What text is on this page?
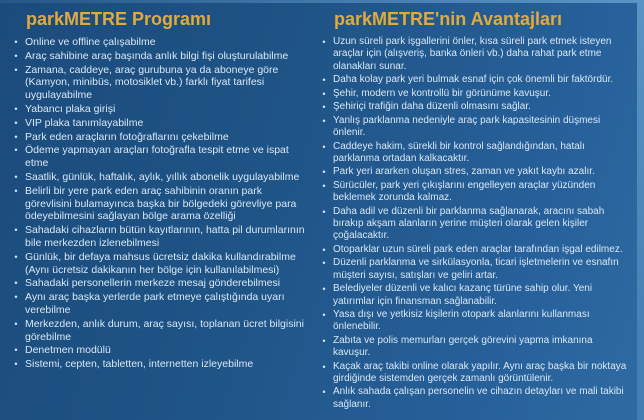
parkMETRE Programı
• Online ve offline çalışabilme
• Araç sahibine araç başında anlık bilgi fişi oluşturulabilme
• Zamana, caddeye, araç gurubuna ya da aboneye göre (Kamyon, minibüs, motosiklet vb.) farklı fiyat tarifesi uygulayabilme
• Yabancı plaka girişi
• VIP plaka tanımlayabilme
• Park eden araçların fotoğraflarını çekebilme
• Ödeme yapmayan araçları fotoğrafla tespit etme ve ispat etme
• Saatlik, günlük, haftalık, aylık, yıllık abonelik uygulayabilme
• Belirli bir yere park eden araç sahibinin oranın park görevlisini bulamayınca başka bir bölgedeki görevliye para ödeyebilmesini sağlayan bölge arama özelliği
• Sahadaki cihazların bütün kayıtlarının, hatta pil durumlarının bile merkezden izlenebilmesi
• Günlük, bir defaya mahsus ücretsiz dakika kullandırabilme (Aynı ücretsiz dakikanın her bölge için kullanılabilmesi)
• Sahadaki personellerin merkeze mesaj gönderebilmesi
• Aynı araç başka yerlerde park etmeye çalıştığında uyarı verebilme
• Merkezden, anlık durum, araç sayısı, toplanan ücret bilgisini görebilme
• Denetmen modülü
• Sistemi, cepten, tabletten, internetten izleyebilme
parkMETRE'nin Avantajları
• Uzun süreli park işgallerini önler, kısa süreli park etmek isteyen araçlar için (alışveriş, banka önleri vb.) daha rahat park etme olanakları sunar.
• Daha kolay park yeri bulmak esnaf için çok önemli bir faktördür.
• Şehir, modern ve kontrollü bir görünüme kavuşur.
• Şehiriçi trafiğin daha düzenli olmasını sağlar.
• Yanlış parklanma nedeniyle araç park kapasitesinin düşmesi önlenir.
• Caddeye hakim, sürekli bir kontrol sağlandığından, hatalı parklanma ortadan kalkacaktır.
• Park yeri ararken oluşan stres, zaman ve yakıt kaybı azalır.
• Sürücüler, park yeri çıkışlarını engelleyen araçlar yüzünden beklemek zorunda kalmaz.
• Daha adil ve düzenli bir parklanma sağlanarak, aracını sabah bırakıp akşam alanların yerine müşteri olarak gelen kişiler çoğalacaktır.
• Otoparklar uzun süreli park eden araçlar tarafından işgal edilmez.
• Düzenli parklanma ve sirkülasyonla, ticari işletmelerin ve esnafın müşteri sayısı, satışları ve geliri artar.
• Belediyeler düzenli ve kalıcı kazanç türüne sahip olur. Yeni yatırımlar için finansman sağlanabilir.
• Yasa dışı ve yetkisiz kişilerin otopark alanlarını kullanması önlenebilir.
• Zabıta ve polis memurları gerçek görevini yapma imkanına kavuşur.
• Kaçak araç takibi online olarak yapılır. Aynı araç başka bir noktaya girdiğinde sistemden gerçek zamanlı görüntülenir.
• Anlık sahada çalışan personelin ve cihazın detayları ve mali takibi sağlanır.
